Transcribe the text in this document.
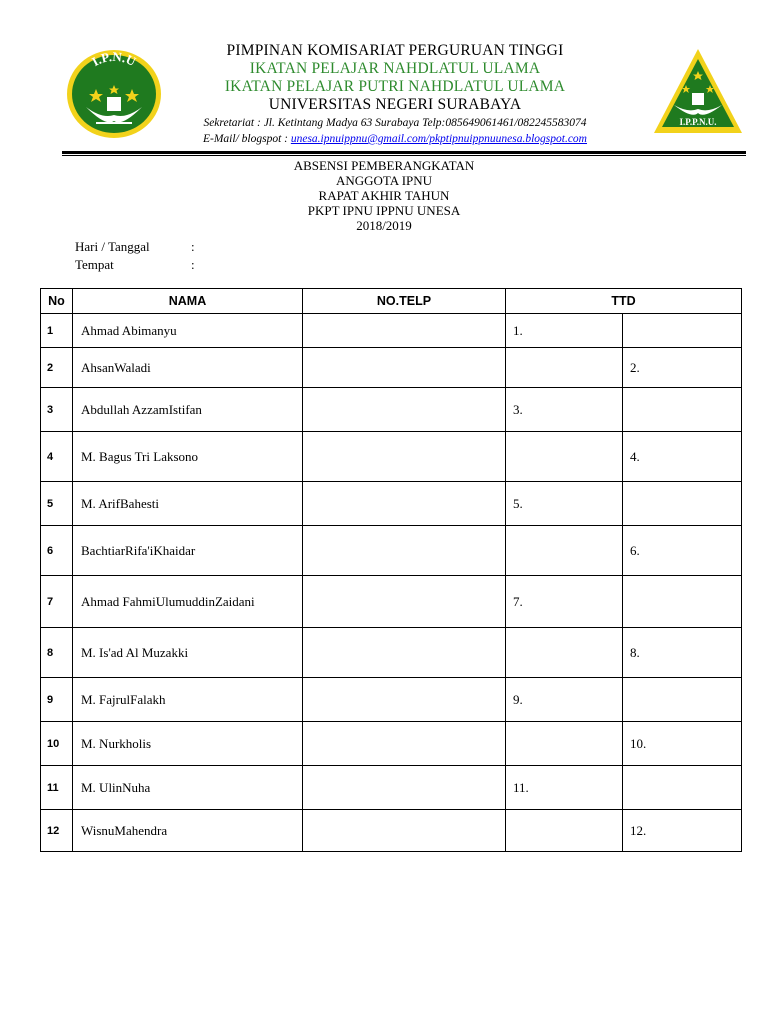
I.P.N.U
PIMPINAN KOMISARIAT PERGURUAN TINGGI
IKATAN PELAJAR NAHDLATUL ULAMA
IKATAN PELAJAR PUTRI NAHDLATUL ULAMA
UNIVERSITAS NEGERI SURABAYA
Sekretariat : Jl. Ketintang Madya 63 Surabaya Telp:085649061461/082245583074
E-Mail/ blogspot : unesa.ipnuippnu@gmail.com/pkptipnuippnuunesa.blogspot.com
I.P.P.N.U.
ABSENSI PEMBERANGKATAN
ANGGOTA IPNU
RAPAT AKHIR TAHUN
PKPT IPNU IPPNU UNESA
2018/2019
Hari / Tanggal	:
Tempat	:
No	NAMA	NO.TELP	TTD	
1	Ahmad Abimanyu		1.	
2	AhsanWaladi			2.
3	Abdullah AzzamIstifan		3.	
4	M. Bagus Tri Laksono			4.
5	M. ArifBahesti		5.	
6	BachtiarRifa'iKhaidar			6.
7	Ahmad FahmiUlumuddinZaidani		7.	
8	M. Is'ad Al Muzakki			8.
9	M. FajrulFalakh		9.	
10	M. Nurkholis			10.
11	M. UlinNuha		11.	
12	WisnuMahendra			12.
